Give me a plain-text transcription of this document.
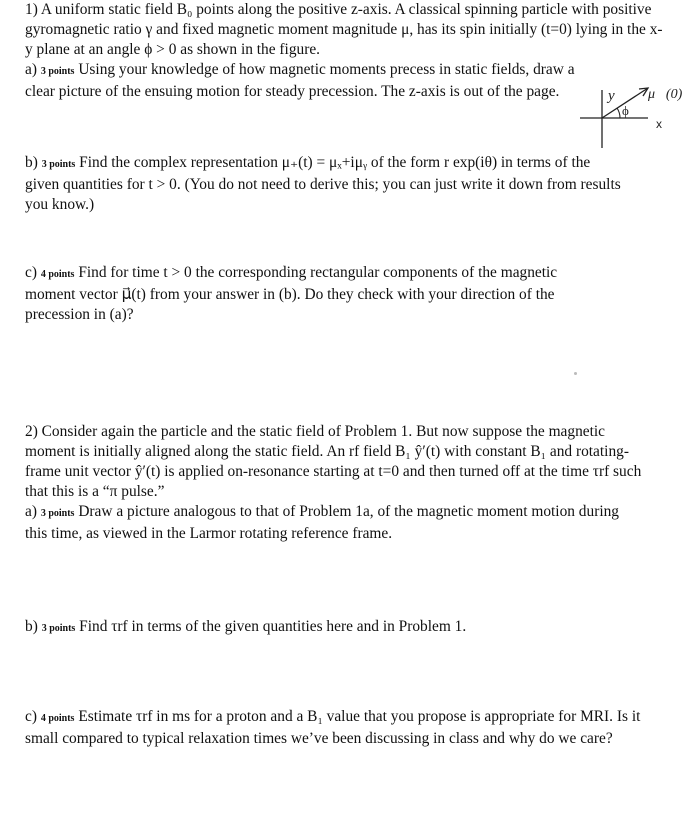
1) A uniform static field B₀ points along the positive z-axis. A classical spinning particle with positive gyromagnetic ratio γ and fixed magnetic moment magnitude μ, has its spin initially (t=0) lying in the x-y plane at an angle ϕ > 0 as shown in the figure.

a) 3 points Using your knowledge of how magnetic moments precess in static fields, draw a clear picture of the ensuing motion for steady precession. The z-axis is out of the page.	y
x
μ⃗(0)
ϕ

b) 3 points Find the complex representation μ₊(t) = μₓ+iμᵧ of the form r exp(iθ) in terms of the given quantities for t > 0. (You do not need to derive this; you can just write it down from results you know.)

c) 4 points Find for time t > 0 the corresponding rectangular components of the magnetic moment vector μ⃗(t) from your answer in (b). Do they check with your direction of the precession in (a)?

2) Consider again the particle and the static field of Problem 1. But now suppose the magnetic moment is initially aligned along the static field. An rf field B₁ ŷ′(t) with constant B₁ and rotating-frame unit vector ŷ′(t) is applied on-resonance starting at t=0 and then turned off at the time τrf such that this is a “π pulse.”

a) 3 points Draw a picture analogous to that of Problem 1a, of the magnetic moment motion during this time, as viewed in the Larmor rotating reference frame.

b) 3 points Find τrf in terms of the given quantities here and in Problem 1.

c) 4 points Estimate τrf in ms for a proton and a B₁ value that you propose is appropriate for MRI. Is it small compared to typical relaxation times we’ve been discussing in class and why do we care?
